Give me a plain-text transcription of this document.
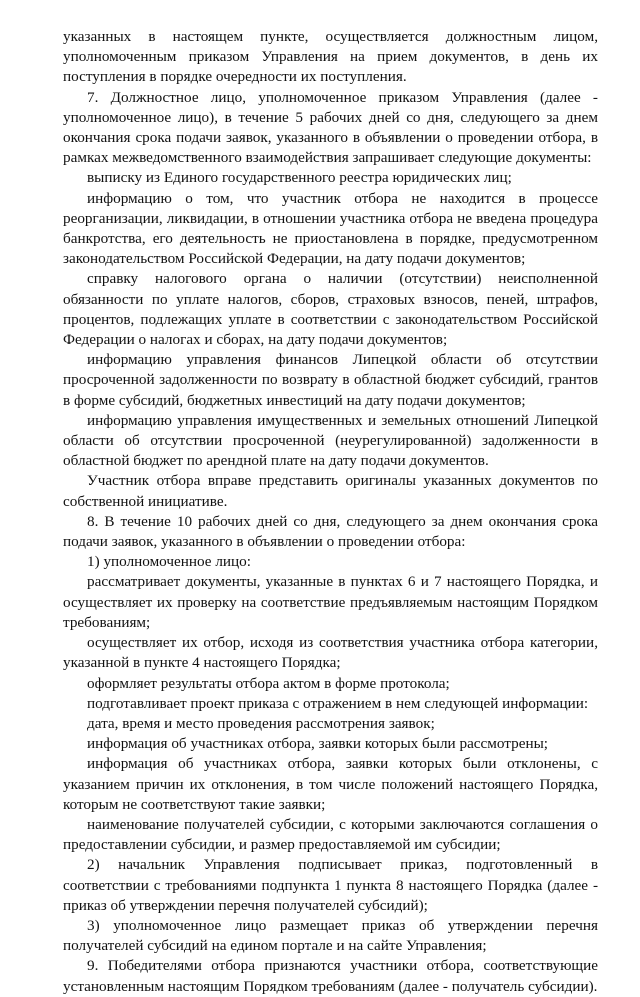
указанных в настоящем пункте, осуществляется должностным лицом, уполномоченным приказом Управления на прием документов, в день их поступления в порядке очередности их поступления.

7. Должностное лицо, уполномоченное приказом Управления (далее - уполномоченное лицо), в течение 5 рабочих дней со дня, следующего за днем окончания срока подачи заявок, указанного в объявлении о проведении отбора, в рамках межведомственного взаимодействия запрашивает следующие документы:

выписку из Единого государственного реестра юридических лиц;

информацию о том, что участник отбора не находится в процессе реорганизации, ликвидации, в отношении участника отбора не введена процедура банкротства, его деятельность не приостановлена в порядке, предусмотренном законодательством Российской Федерации, на дату подачи документов;

справку налогового органа о наличии (отсутствии) неисполненной обязанности по уплате налогов, сборов, страховых взносов, пеней, штрафов, процентов, подлежащих уплате в соответствии с законодательством Российской Федерации о налогах и сборах, на дату подачи документов;

информацию управления финансов Липецкой области об отсутствии просроченной задолженности по возврату в областной бюджет субсидий, грантов в форме субсидий, бюджетных инвестиций на дату подачи документов;

информацию управления имущественных и земельных отношений Липецкой области об отсутствии просроченной (неурегулированной) задолженности в областной бюджет по арендной плате на дату подачи документов.

Участник отбора вправе представить оригиналы указанных документов по собственной инициативе.

8. В течение 10 рабочих дней со дня, следующего за днем окончания срока подачи заявок, указанного в объявлении о проведении отбора:

1) уполномоченное лицо:

рассматривает документы, указанные в пунктах 6 и 7 настоящего Порядка, и осуществляет их проверку на соответствие предъявляемым настоящим Порядком требованиям;

осуществляет их отбор, исходя из соответствия участника отбора категории, указанной в пункте 4 настоящего Порядка;

оформляет результаты отбора актом в форме протокола;

подготавливает проект приказа с отражением в нем следующей информации:

дата, время и место проведения рассмотрения заявок;

информация об участниках отбора, заявки которых были рассмотрены;

информация об участниках отбора, заявки которых были отклонены, с указанием причин их отклонения, в том числе положений настоящего Порядка, которым не соответствуют такие заявки;

наименование получателей субсидии, с которыми заключаются соглашения о предоставлении субсидии, и размер предоставляемой им субсидии;

2) начальник Управления подписывает приказ, подготовленный в соответствии с требованиями подпункта 1 пункта 8 настоящего Порядка (далее - приказ об утверждении перечня получателей субсидий);

3) уполномоченное лицо размещает приказ об утверждении перечня получателей субсидий на едином портале и на сайте Управления;

9. Победителями отбора признаются участники отбора, соответствующие установленным настоящим Порядком требованиям (далее - получатель субсидии).
